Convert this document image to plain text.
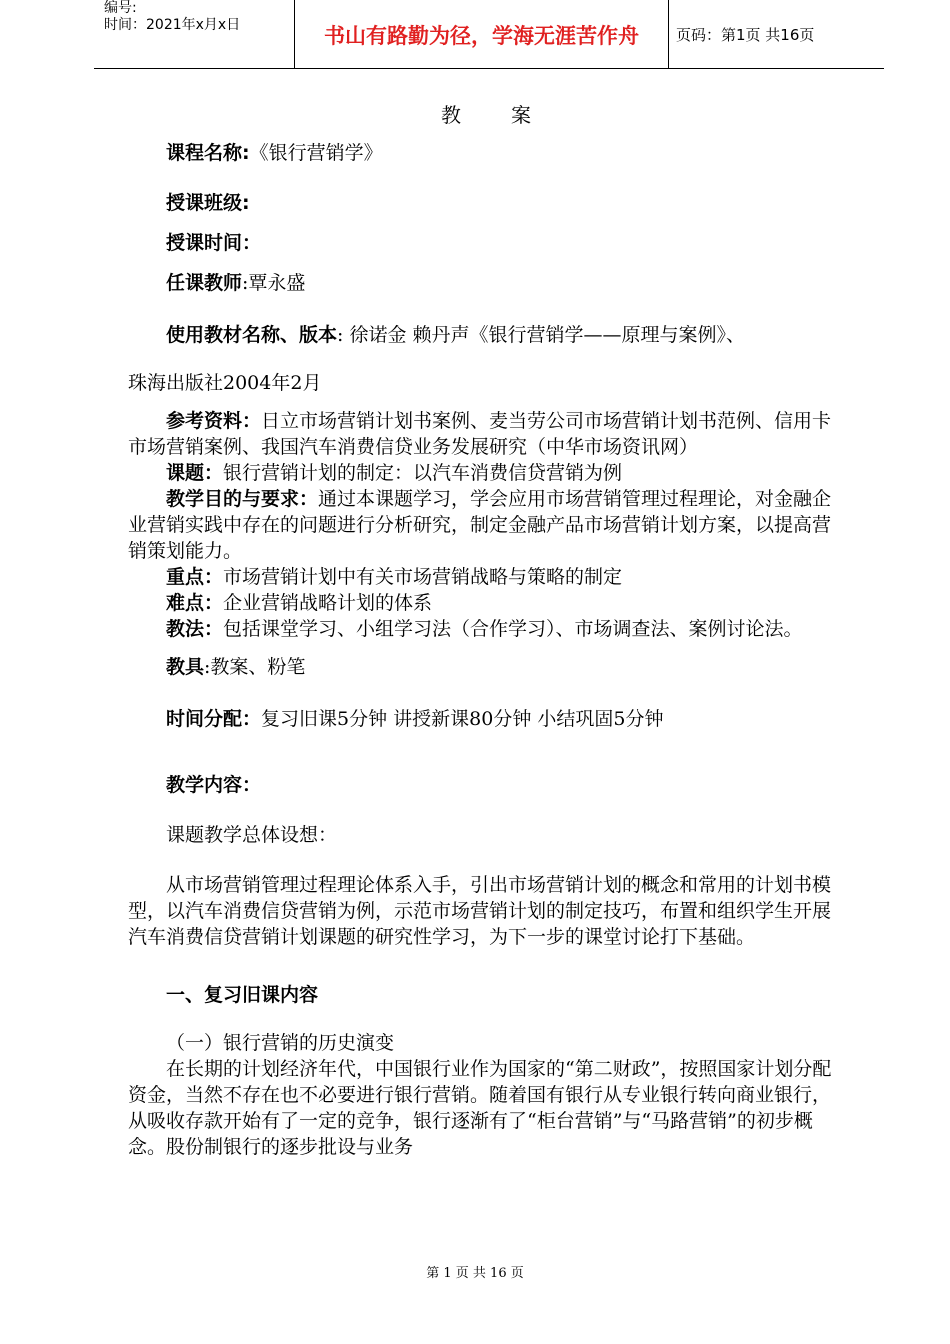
编号:
时间：2021年x月x日	书山有路勤为径，学海无涯苦作舟	页码：第1页 共16页

教案

课程名称:《银行营销学》

授课班级:

授课时间：

任课教师:覃永盛

使用教材名称、版本: 徐诺金 赖丹声《银行营销学——原理与案例》、

珠海出版社2004年2月

参考资料：日立市场营销计划书案例、麦当劳公司市场营销计划书范例、信用卡市场营销案例、我国汽车消费信贷业务发展研究（中华市场资讯网）

课题：银行营销计划的制定：以汽车消费信贷营销为例

教学目的与要求：通过本课题学习，学会应用市场营销管理过程理论，对金融企业营销实践中存在的问题进行分析研究，制定金融产品市场营销计划方案，以提高营销策划能力。

重点：市场营销计划中有关市场营销战略与策略的制定

难点：企业营销战略计划的体系

教法：包括课堂学习、小组学习法（合作学习）、市场调查法、案例讨论法。

教具:教案、粉笔

时间分配：复习旧课5分钟 讲授新课80分钟 小结巩固5分钟

教学内容：

课题教学总体设想：

从市场营销管理过程理论体系入手，引出市场营销计划的概念和常用的计划书模型，以汽车消费信贷营销为例，示范市场营销计划的制定技巧，布置和组织学生开展汽车消费信贷营销计划课题的研究性学习，为下一步的课堂讨论打下基础。

一、复习旧课内容

（一）银行营销的历史演变

在长期的计划经济年代，中国银行业作为国家的“第二财政”，按照国家计划分配资金，当然不存在也不必要进行银行营销。随着国有银行从专业银行转向商业银行，从吸收存款开始有了一定的竞争，银行逐渐有了“柜台营销”与“马路营销”的初步概念。股份制银行的逐步批设与业务

第 1 页 共 16 页
